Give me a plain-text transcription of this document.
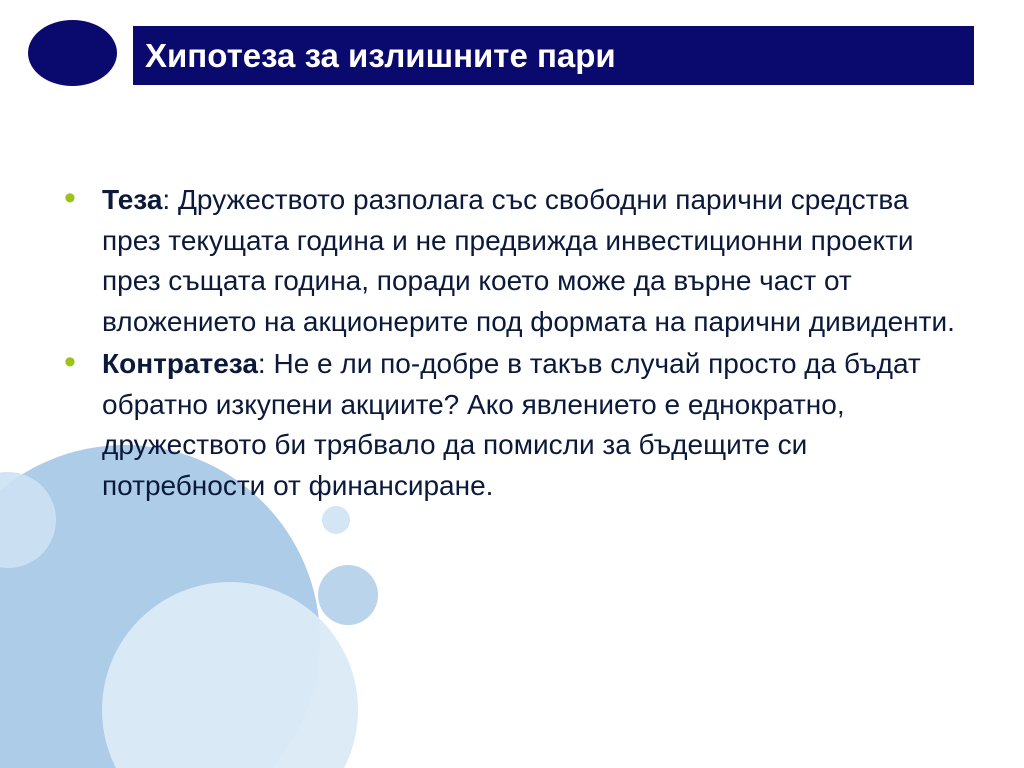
Хипотеза за излишните пари
• Теза: Дружеството разполага със свободни парични средства през текущата година и не предвижда инвестиционни проекти през същата година, поради което може да върне част от вложението на акционерите под формата на парични дивиденти.
• Контратеза: Не е ли по-добре в такъв случай просто да бъдат обратно изкупени акциите? Ако явлението е еднократно, дружеството би трябвало да помисли за бъдещите си потребности от финансиране.
